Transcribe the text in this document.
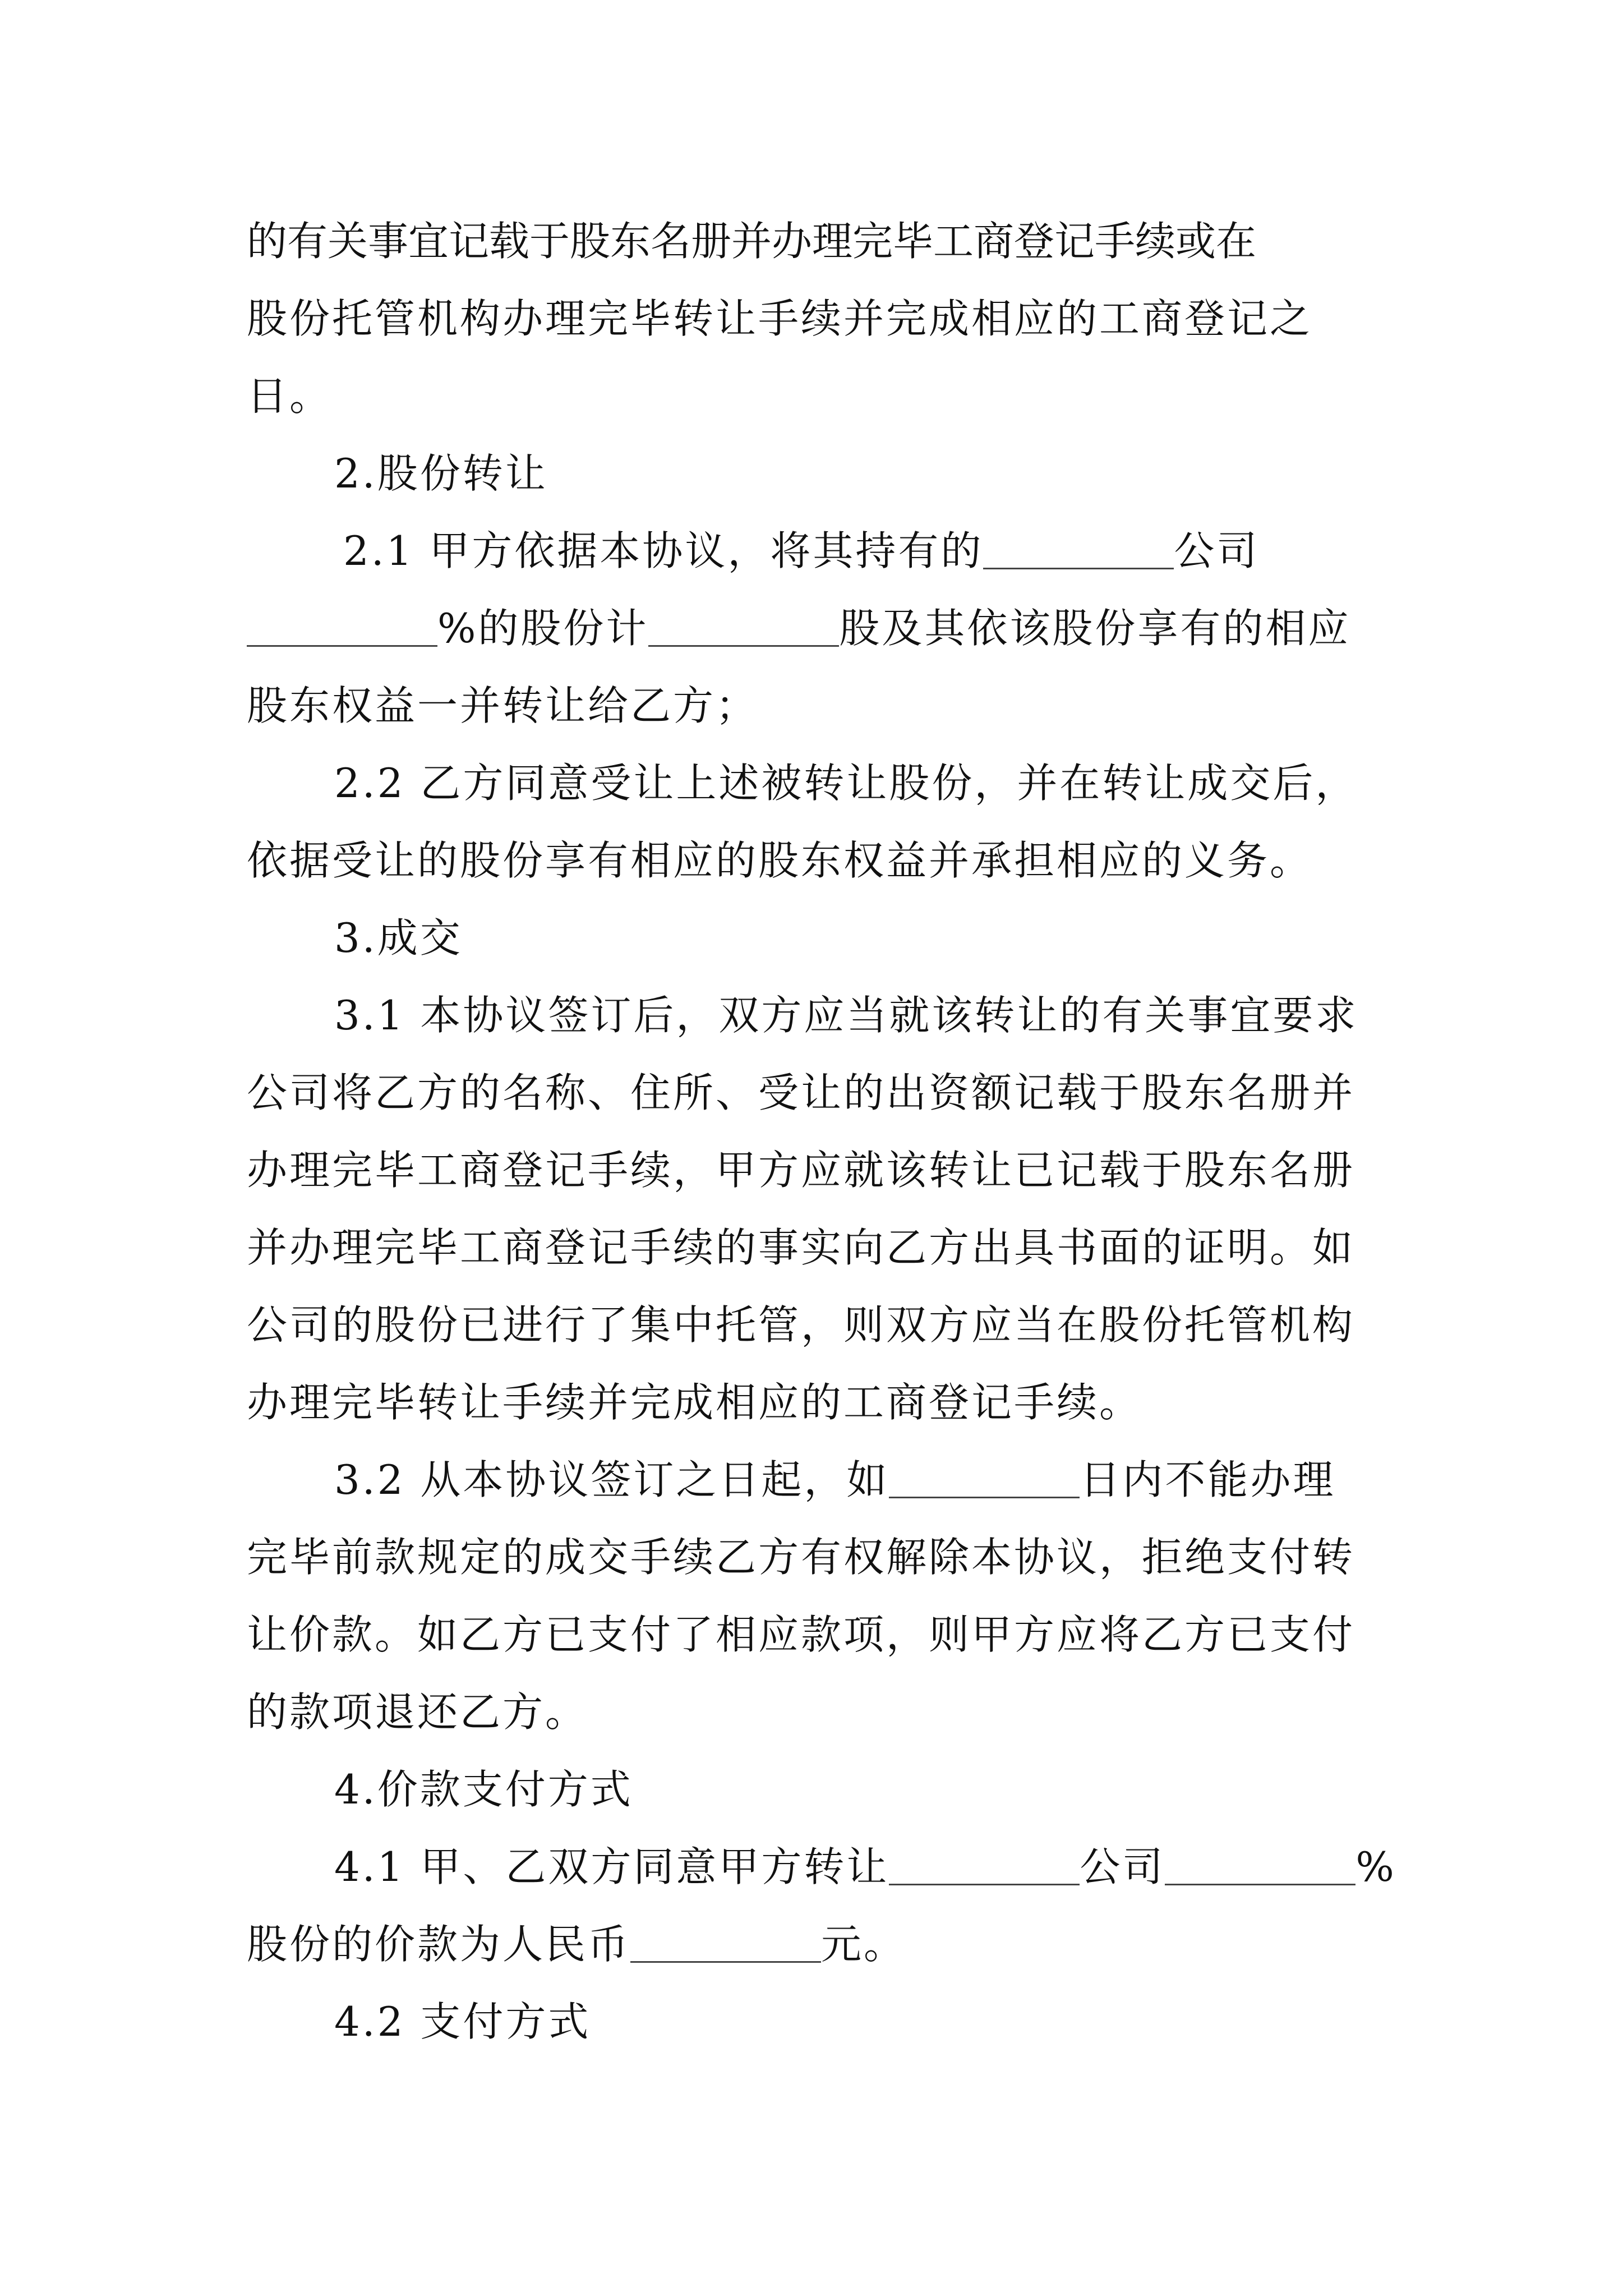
的有关事宜记载于股东名册并办理完毕工商登记手续或在
股份托管机构办理完毕转让手续并完成相应的工商登记之
日。
2.股份转让
2.1 甲方依据本协议，将其持有的	公司
%的股份计	股及其依该股份享有的相应
股东权益一并转让给乙方；
2.2 乙方同意受让上述被转让股份，并在转让成交后，
依据受让的股份享有相应的股东权益并承担相应的义务。
3.成交
3.1 本协议签订后，双方应当就该转让的有关事宜要求
公司将乙方的名称、住所、受让的出资额记载于股东名册并
办理完毕工商登记手续，甲方应就该转让已记载于股东名册
并办理完毕工商登记手续的事实向乙方出具书面的证明。如
公司的股份已进行了集中托管，则双方应当在股份托管机构
办理完毕转让手续并完成相应的工商登记手续。
3.2 从本协议签订之日起，如	日内不能办理
完毕前款规定的成交手续乙方有权解除本协议，拒绝支付转
让价款。如乙方已支付了相应款项，则甲方应将乙方已支付
的款项退还乙方。
4.价款支付方式
4.1 甲、乙双方同意甲方转让	公司	%
股份的价款为人民币	元。
4.2 支付方式
